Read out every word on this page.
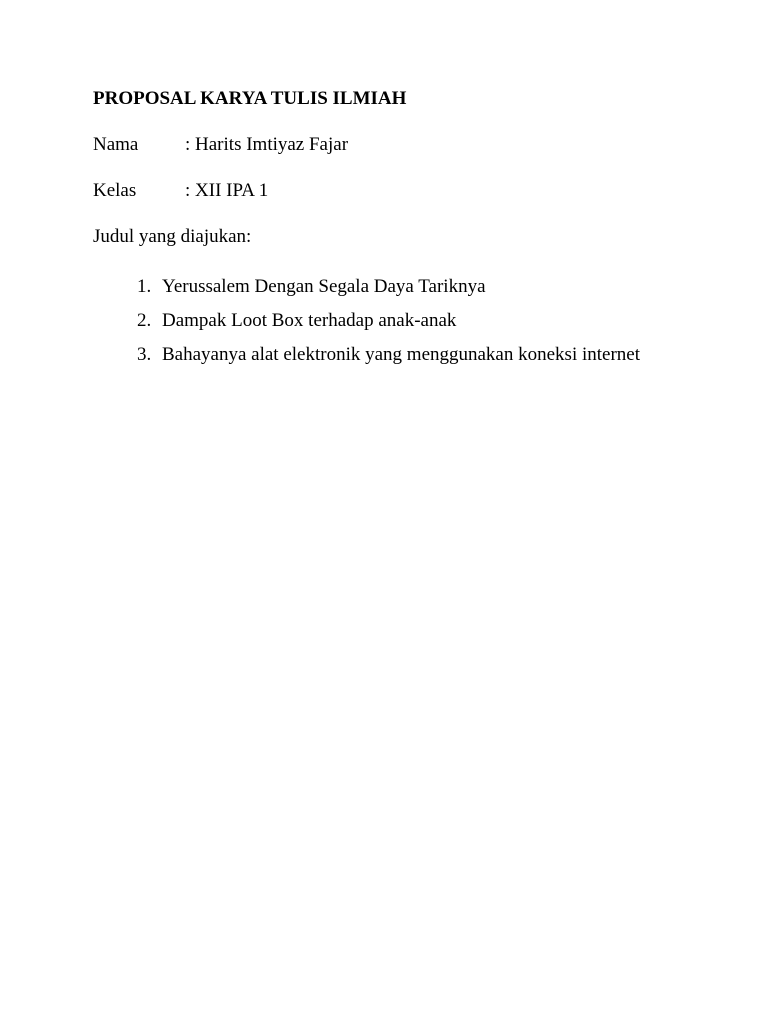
PROPOSAL KARYA TULIS ILMIAH
Nama : Harits Imtiyaz Fajar
Kelas	: XII IPA 1
Judul yang diajukan:
1. Yerussalem Dengan Segala Daya Tariknya
2. Dampak Loot Box terhadap anak-anak
3. Bahayanya alat elektronik yang menggunakan koneksi internet
